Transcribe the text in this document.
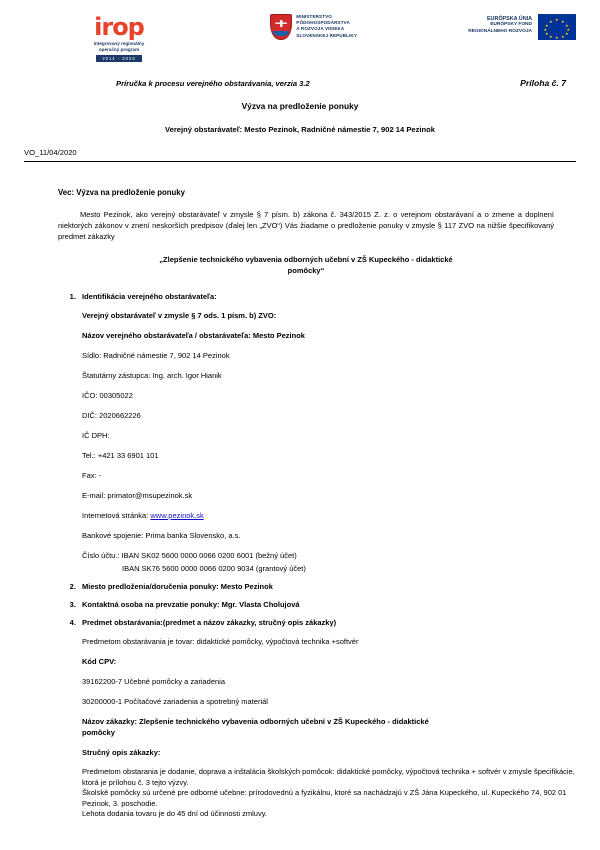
irop
Integrovaný regionálny
operačný program
2014 - 2020
MINISTERSTVO
PÔDOHOSPODÁRSTVA
A ROZVOJA VIDIEKA
SLOVENSKEJ REPUBLIKY
EURÓPSKA ÚNIA
EURÓPSKY FOND
REGIONÁLNEHO ROZVOJA
★ ★
★
★
★
★
★
★
★
★
★
★
Príručka k procesu verejného obstarávania, verzia 3.2	Príloha č. 7
Výzva na predloženie ponuky
Verejný obstarávateľ: Mesto Pezinok, Radničné námestie 7, 902 14 Pezinok
VO_11/04/2020
Vec: Výzva na predloženie ponuky
Mesto Pezinok, ako verejný obstarávateľ v zmysle § 7 písm. b) zákona č. 343/2015 Z. z. o verejnom obstarávaní a o zmene a doplnení niektorých zákonov v znení neskorších predpisov (ďalej len „ZVO“) Vás žiadame o predloženie ponuky v zmysle § 117 ZVO na nižšie špecifikovaný predmet zákazky
„Zlepšenie technického vybavenia odborných učební v ZŠ Kupeckého - didaktické
pomôcky“
1. Identifikácia verejného obstarávateľa:
Verejný obstarávateľ v zmysle § 7 ods. 1 písm. b) ZVO:
Názov verejného obstarávateľa / obstarávateľa: Mesto Pezinok
Sídlo: Radničné námestie 7, 902 14 Pezinok
Štatutárny zástupca: Ing. arch. Igor Hianik
IČO: 00305022
DIČ: 2020662226
IČ DPH:
Tel.: +421 33 6901 101
Fax: -
E-mail: primator@msupezinok.sk
Internetová stránka: www.pezinok.sk
Bankové spojenie: Prima banka Slovensko, a.s.
Číslo účtu.: IBAN SK02 5600 0000 0066 0200 6001 (bežný účet)
IBAN SK76 5600 0000 0066 0200 9034 (grantový účet)
2. Miesto predloženia/doručenia ponuky: Mesto Pezinok
3. Kontaktná osoba na prevzatie ponuky: Mgr. Vlasta Cholujová
4. Predmet obstarávania:(predmet a názov zákazky, stručný opis zákazky)
Predmetom obstarávania je tovar: didaktické pomôcky, výpočtová technika +softvér
Kód CPV:
39162200-7 Učebné pomôcky a zariadenia
30200000-1 Počítačové zariadenia a spotrebný materiál
Názov zákazky: Zlepšenie technického vybavenia odborných učební v ZŠ Kupeckého - didaktické
pomôcky
Stručný opis zákazky:
Predmetom obstarania je dodanie, doprava a inštalácia školských pomôcok: didaktické pomôcky, výpočtová technika + softvér v zmysle špecifikácie, ktorá je prílohou č. 3 tejto výzvy.
Školské pomôcky sú určené pre odborné učebne: prírodovednú a fyzikálnu, ktoré sa nachádzajú v ZŠ Jána Kupeckého, ul. Kupeckého 74, 902 01 Pezinok, 3. poschodie.
Lehota dodania tovaru je do 45 dní od účinnosti zmluvy.
